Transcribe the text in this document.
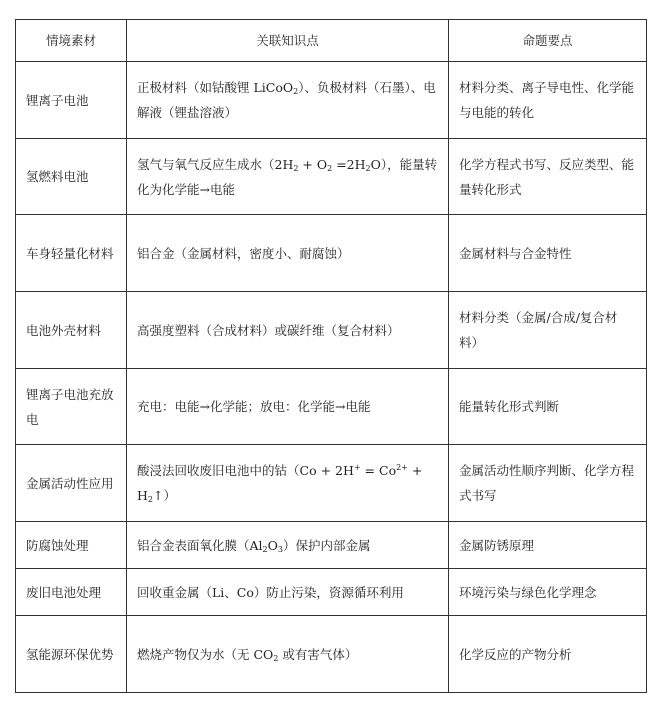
情境素材	关联知识点	命题要点
锂离子电池	正极材料（如钴酸锂 LiCoO$_2$）、负极材料（石墨）、电解液（锂盐溶液）	材料分类、离子导电性、化学能与电能的转化
氢燃料电池	氢气与氧气反应生成水$(2H_2 + O_2 =2H_2O)$，能量转化为化学能→电能	化学方程式书写、反应类型、能量转化形式
车身轻量化材料	铝合金（金属材料，密度小、耐腐蚀）	金属材料与合金特性
电池外壳材料	高强度塑料（合成材料）或碳纤维（复合材料）	材料分类（金属/合成/复合材料）
锂离子电池充放电	充电：电能→化学能；放电：化学能→电能	能量转化形式判断
金属活动性应用	酸浸法回收废旧电池中的钴（$Co + 2H^+ = Co^{2+}$ + $H_2↑$）	金属活动性顺序判断、化学方程式书写
防腐蚀处理	铝合金表面氧化膜$(Al_2O_3)$保护内部金属	金属防锈原理
废旧电池处理	回收重金属（Li、Co）防止污染，资源循环利用	环境污染与绿色化学理念
氢能源环保优势	燃烧产物仅为水（无 $CO_2$ 或有害气体）	化学反应的产物分析
